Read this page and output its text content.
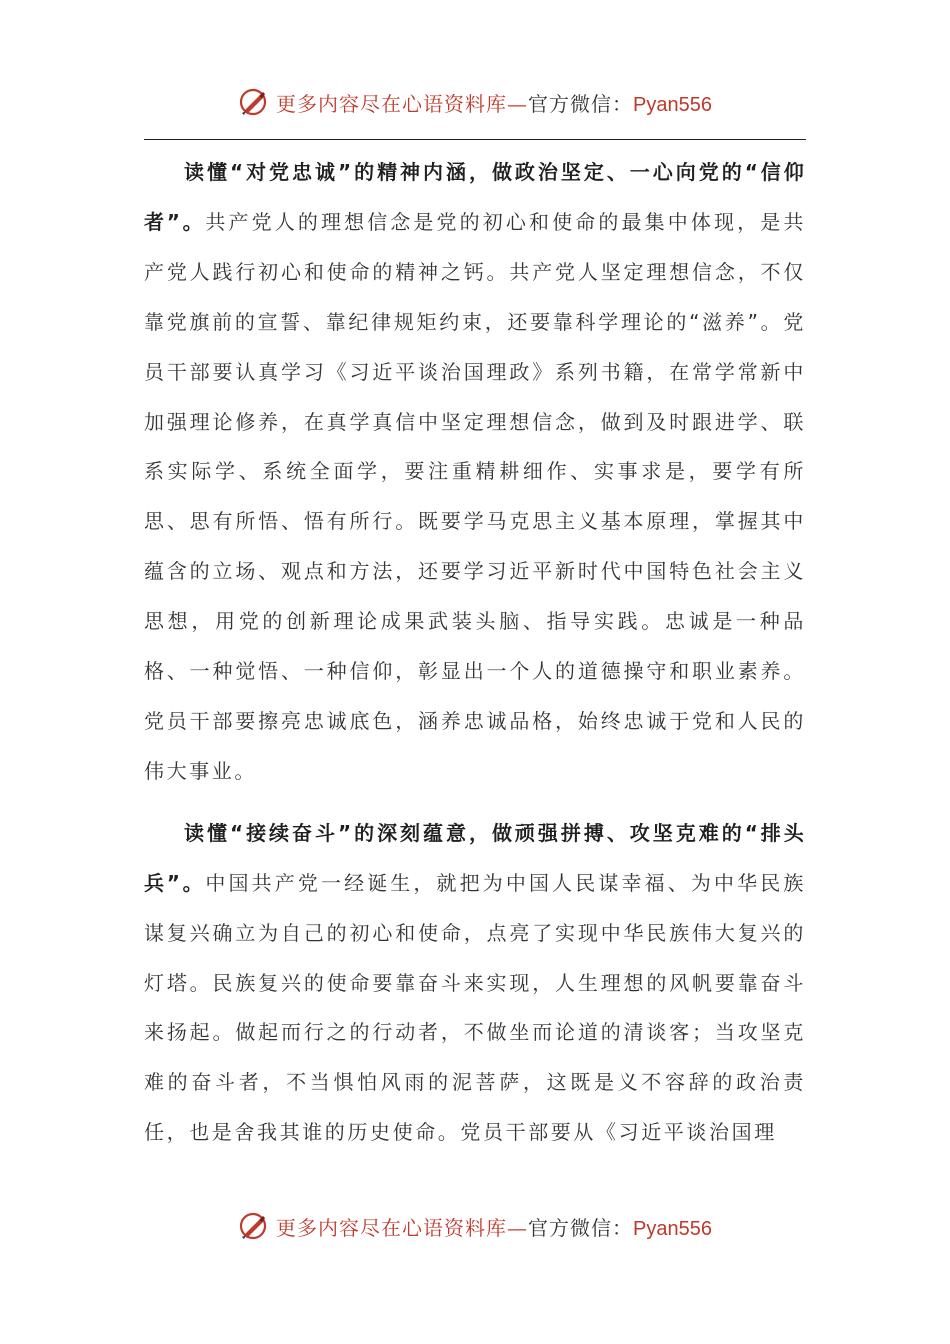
更多内容尽在心语资料库—官方微信：Pyan556

读懂“对党忠诚”的精神内涵，做政治坚定、一心向党的“信仰者”。共产党人的理想信念是党的初心和使命的最集中体现，是共产党人践行初心和使命的精神之钙。共产党人坚定理想信念，不仅靠党旗前的宣誓、靠纪律规矩约束，还要靠科学理论的“滋养”。党员干部要认真学习《习近平谈治国理政》系列书籍，在常学常新中加强理论修养，在真学真信中坚定理想信念，做到及时跟进学、联系实际学、系统全面学，要注重精耕细作、实事求是，要学有所思、思有所悟、悟有所行。既要学马克思主义基本原理，掌握其中蕴含的立场、观点和方法，还要学习近平新时代中国特色社会主义思想，用党的创新理论成果武装头脑、指导实践。忠诚是一种品格、一种觉悟、一种信仰，彰显出一个人的道德操守和职业素养。党员干部要擦亮忠诚底色，涵养忠诚品格，始终忠诚于党和人民的伟大事业。

读懂“接续奋斗”的深刻蕴意，做顽强拼搏、攻坚克难的“排头兵”。中国共产党一经诞生，就把为中国人民谋幸福、为中华民族谋复兴确立为自己的初心和使命，点亮了实现中华民族伟大复兴的灯塔。民族复兴的使命要靠奋斗来实现，人生理想的风帆要靠奋斗来扬起。做起而行之的行动者，不做坐而论道的清谈客；当攻坚克难的奋斗者，不当惧怕风雨的泥菩萨，这既是义不容辞的政治责任，也是舍我其谁的历史使命。党员干部要从《习近平谈治国理

更多内容尽在心语资料库—官方微信：Pyan556
